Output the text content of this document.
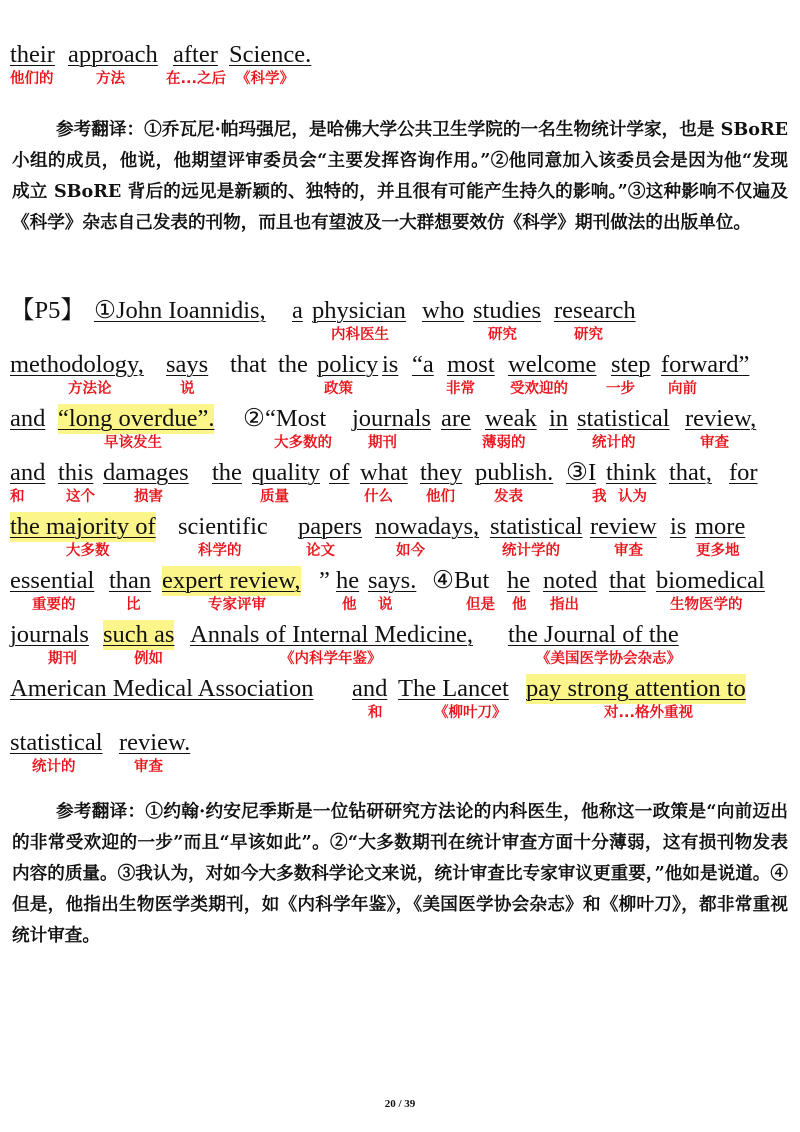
their approach after Science.
他们的	方法	在...之后 《科学》
参考翻译：①乔瓦尼·帕玛强尼，是哈佛大学公共卫生学院的一名生物统计学家，也是 SBoRE 小组的成员，他说，他期望评审委员会“主要发挥咨询作用。”②他同意加入该委员会是因为他“发现成立 SBoRE 背后的远见是新颖的、独特的，并且很有可能产生持久的影响。”③这种影响不仅遍及《科学》杂志自己发表的刊物，而且也有望波及一大群想要效仿《科学》期刊做法的出版单位。
【P5】 ①John Ioannidis, a physician who studies research
内科医生	研究	研究
methodology, says that the policy is “a most welcome step forward”
方法论	说	政策	非常 受欢迎的	一步 向前
and “long overdue”. ②“Most journals are weak in statistical review,
早该发生	大多数的 期刊	薄弱的	统计的	审查
and this damages the quality of what they publish. ③I think that, for
和	这个	损害	质量	什么 他们	发表	我 认为
the majority of scientific papers nowadays, statistical review is more
大多数	科学的	论文	如今	统计学的	审查	更多地
essential than expert review, ” he says. ④But he noted that biomedical
重要的	比	专家评审	他 说	但是 他 指出	生物医学的
journals such as Annals of Internal Medicine, the Journal of the
期刊	例如	《内科学年鉴》	《美国医学协会杂志》
American Medical Association and The Lancet pay strong attention to
和	《柳叶刀》	对...格外重视
statistical review.
统计的	审查
参考翻译：①约翰·约安尼季斯是一位钻研研究方法论的内科医生，他称这一政策是“向前迈出的非常受欢迎的一步”而且“早该如此”。②“大多数期刊在统计审查方面十分薄弱，这有损刊物发表内容的质量。③我认为，对如今大多数科学论文来说，统计审查比专家审议更重要，”他如是说道。④但是，他指出生物医学类期刊，如《内科学年鉴》，《美国医学协会杂志》和《柳叶刀》，都非常重视统计审查。
20 / 39
